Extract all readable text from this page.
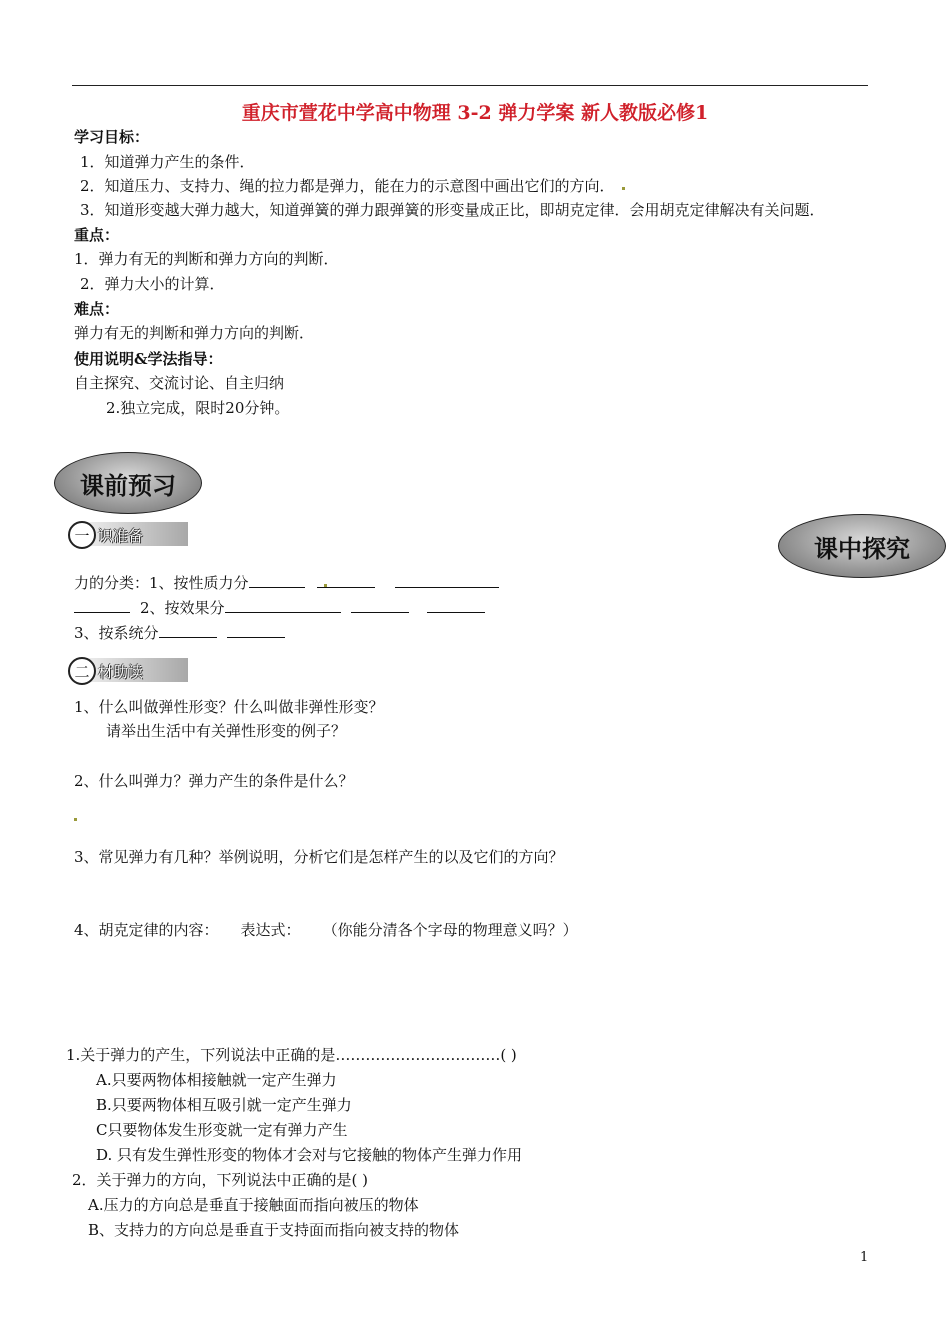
重庆市萱花中学高中物理 3-2 弹力学案 新人教版必修1
学习目标：
1．知道弹力产生的条件．
2．知道压力、支持力、绳的拉力都是弹力，能在力的示意图中画出它们的方向．
3．知道形变越大弹力越大，知道弹簧的弹力跟弹簧的形变量成正比，即胡克定律．会用胡克定律解决有关问题．
重点：
1．弹力有无的判断和弹力方向的判断．
2．弹力大小的计算．
难点：
弹力有无的判断和弹力方向的判断．
使用说明&学法指导：
自主探究、交流讨论、自主归纳
2.独立完成，限时20分钟。
课前预习
课中探究
一 识准备
力的分类：1、按性质力分
2、按效果分
3、按系统分
二 材助读
1、什么叫做弹性形变？什么叫做非弹性形变？
请举出生活中有关弹性形变的例子？
2、什么叫弹力？弹力产生的条件是什么？
3、常见弹力有几种？举例说明，分析它们是怎样产生的以及它们的方向？
4、胡克定律的内容： 表达式： （你能分清各个字母的物理意义吗？）
1.关于弹力的产生，下列说法中正确的是……………………………( )
A.只要两物体相接触就一定产生弹力
B.只要两物体相互吸引就一定产生弹力
C只要物体发生形变就一定有弹力产生
D. 只有发生弹性形变的物体才会对与它接触的物体产生弹力作用
2．关于弹力的方向，下列说法中正确的是( )
A.压力的方向总是垂直于接触面而指向被压的物体
B、支持力的方向总是垂直于支持面而指向被支持的物体
1
